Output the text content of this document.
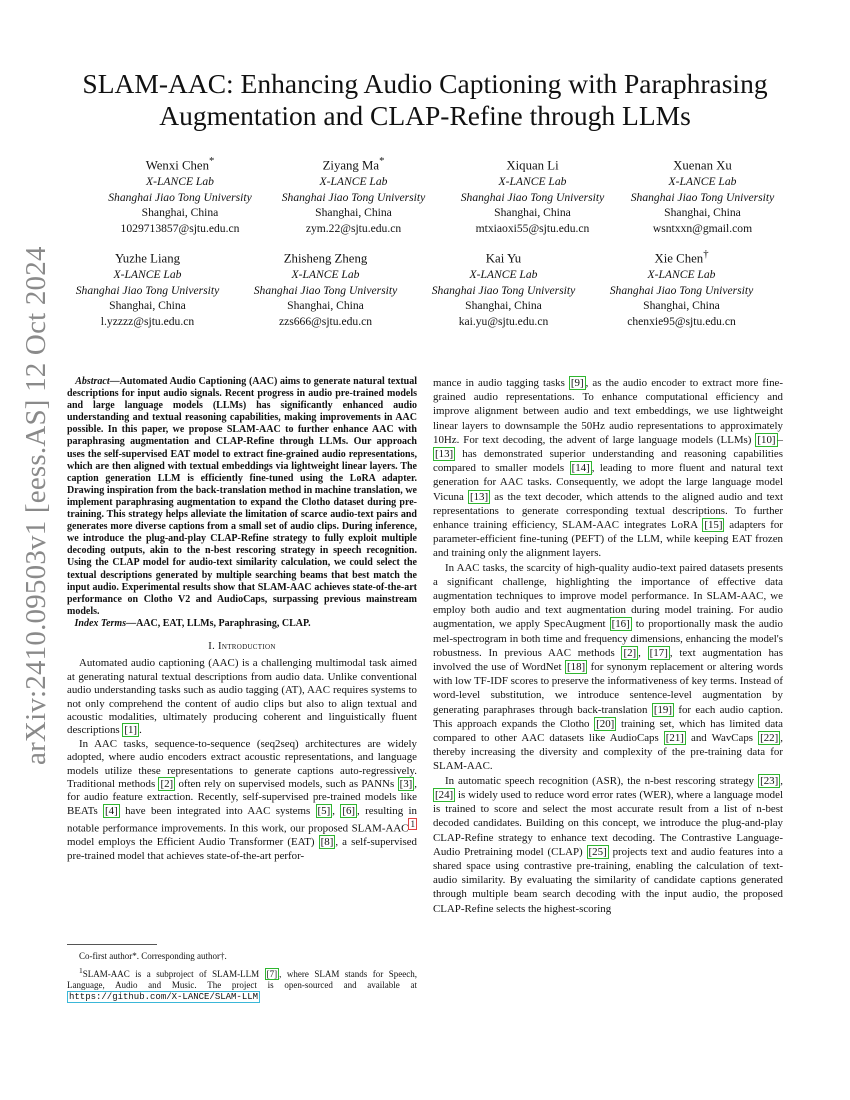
arXiv:2410.09503v1 [eess.AS] 12 Oct 2024
SLAM-AAC: Enhancing Audio Captioning with Paraphrasing Augmentation and CLAP-Refine through LLMs
Wenxi Chen*
X-LANCE Lab
Shanghai Jiao Tong University
Shanghai, China
1029713857@sjtu.edu.cn
Ziyang Ma*
X-LANCE Lab
Shanghai Jiao Tong University
Shanghai, China
zym.22@sjtu.edu.cn
Xiquan Li
X-LANCE Lab
Shanghai Jiao Tong University
Shanghai, China
mtxiaoxi55@sjtu.edu.cn
Xuenan Xu
X-LANCE Lab
Shanghai Jiao Tong University
Shanghai, China
wsntxxn@gmail.com
Yuzhe Liang
X-LANCE Lab
Shanghai Jiao Tong University
Shanghai, China
l.yzzzz@sjtu.edu.cn
Zhisheng Zheng
X-LANCE Lab
Shanghai Jiao Tong University
Shanghai, China
zzs666@sjtu.edu.cn
Kai Yu
X-LANCE Lab
Shanghai Jiao Tong University
Shanghai, China
kai.yu@sjtu.edu.cn
Xie Chen†
X-LANCE Lab
Shanghai Jiao Tong University
Shanghai, China
chenxie95@sjtu.edu.cn
Abstract—Automated Audio Captioning (AAC) aims to generate natural textual descriptions for input audio signals. Recent progress in audio pre-trained models and large language models (LLMs) has significantly enhanced audio understanding and textual reasoning capabilities, making improvements in AAC possible. In this paper, we propose SLAM-AAC to further enhance AAC with paraphrasing augmentation and CLAP-Refine through LLMs. Our approach uses the self-supervised EAT model to extract fine-grained audio representations, which are then aligned with textual embeddings via lightweight linear layers. The caption generation LLM is efficiently fine-tuned using the LoRA adapter. Drawing inspiration from the back-translation method in machine translation, we implement paraphrasing augmentation to expand the Clotho dataset during pre-training. This strategy helps alleviate the limitation of scarce audio-text pairs and generates more diverse captions from a small set of audio clips. During inference, we introduce the plug-and-play CLAP-Refine strategy to fully exploit multiple decoding outputs, akin to the n-best rescoring strategy in speech recognition. Using the CLAP model for audio-text similarity calculation, we could select the textual descriptions generated by multiple searching beams that best match the input audio. Experimental results show that SLAM-AAC achieves state-of-the-art performance on Clotho V2 and AudioCaps, surpassing previous mainstream models.
Index Terms—AAC, EAT, LLMs, Paraphrasing, CLAP.
I. Introduction

Automated audio captioning (AAC) is a challenging multimodal task aimed at generating natural textual descriptions from audio data. Unlike conventional audio understanding tasks such as audio tagging (AT), AAC requires systems to not only comprehend the content of audio clips but also to align textual and acoustic modalities, ultimately producing coherent and linguistically fluent descriptions [1] .

In AAC tasks, sequence-to-sequence (seq2seq) architectures are widely adopted, where audio encoders extract acoustic representations, and language models utilize these representations to generate captions auto-regressively. Traditional methods [2] often rely on supervised models, such as PANNs [3] , for audio feature extraction. Recently, self-supervised pre-trained models like BEATs [4] have been integrated into AAC systems [5] , [6] , resulting in notable performance improvements. In this work, our proposed SLAM-AAC $^1$ model employs the Efficient Audio Transformer (EAT) [8] , a self-supervised pre-trained model that achieves state-of-the-art perfor-

Co-first author*. Corresponding author†.

$^1$SLAM-AAC is a subproject of SLAM-LLM [7] , where SLAM stands for Speech, Language, Audio and Music. The project is open-sourced and available at https://github.com/X-LANCE/SLAM-LLM

mance in audio tagging tasks [9] , as the audio encoder to extract more fine-grained audio representations. To enhance computational efficiency and improve alignment between audio and text embeddings, we use lightweight linear layers to downsample the 50Hz audio representations to approximately 10Hz. For text decoding, the advent of large language models (LLMs) [10] –[13] has demonstrated superior understanding and reasoning capabilities compared to smaller models [14] , leading to more fluent and natural text generation for AAC tasks. Consequently, we adopt the large language model Vicuna [13] as the text decoder, which attends to the aligned audio and text representations to generate corresponding textual descriptions. To further enhance training efficiency, SLAM-AAC integrates LoRA [15] adapters for parameter-efficient fine-tuning (PEFT) of the LLM, while keeping EAT frozen and training only the alignment layers.

In AAC tasks, the scarcity of high-quality audio-text paired datasets presents a significant challenge, highlighting the importance of effective data augmentation techniques to improve model performance. In SLAM-AAC, we employ both audio and text augmentation during model training. For audio augmentation, we apply SpecAugment [16] to proportionally mask the audio mel-spectrogram in both time and frequency dimensions, enhancing the model's robustness. In previous AAC methods [2] , [17] , text augmentation has involved the use of WordNet [18] for synonym replacement or altering words with low TF-IDF scores to preserve the informativeness of key terms. Instead of word-level substitution, we introduce sentence-level augmentation by generating paraphrases through back-translation [19] for each audio caption. This approach expands the Clotho [20] training set, which has limited data compared to other AAC datasets like AudioCaps [21] and WavCaps [22] , thereby increasing the diversity and complexity of the pre-training data for SLAM-AAC.

In automatic speech recognition (ASR), the n-best rescoring strategy [23] , [24] is widely used to reduce word error rates (WER), where a language model is trained to score and select the most accurate result from a list of n-best decoded candidates. Building on this concept, we introduce the plug-and-play CLAP-Refine strategy to enhance text decoding. The Contrastive Language-Audio Pretraining model (CLAP) [25] projects text and audio features into a shared space using contrastive pre-training, enabling the calculation of text-audio similarity. By evaluating the similarity of candidate captions generated through multiple beam search decoding with the input audio, the proposed CLAP-Refine selects the highest-scoring
